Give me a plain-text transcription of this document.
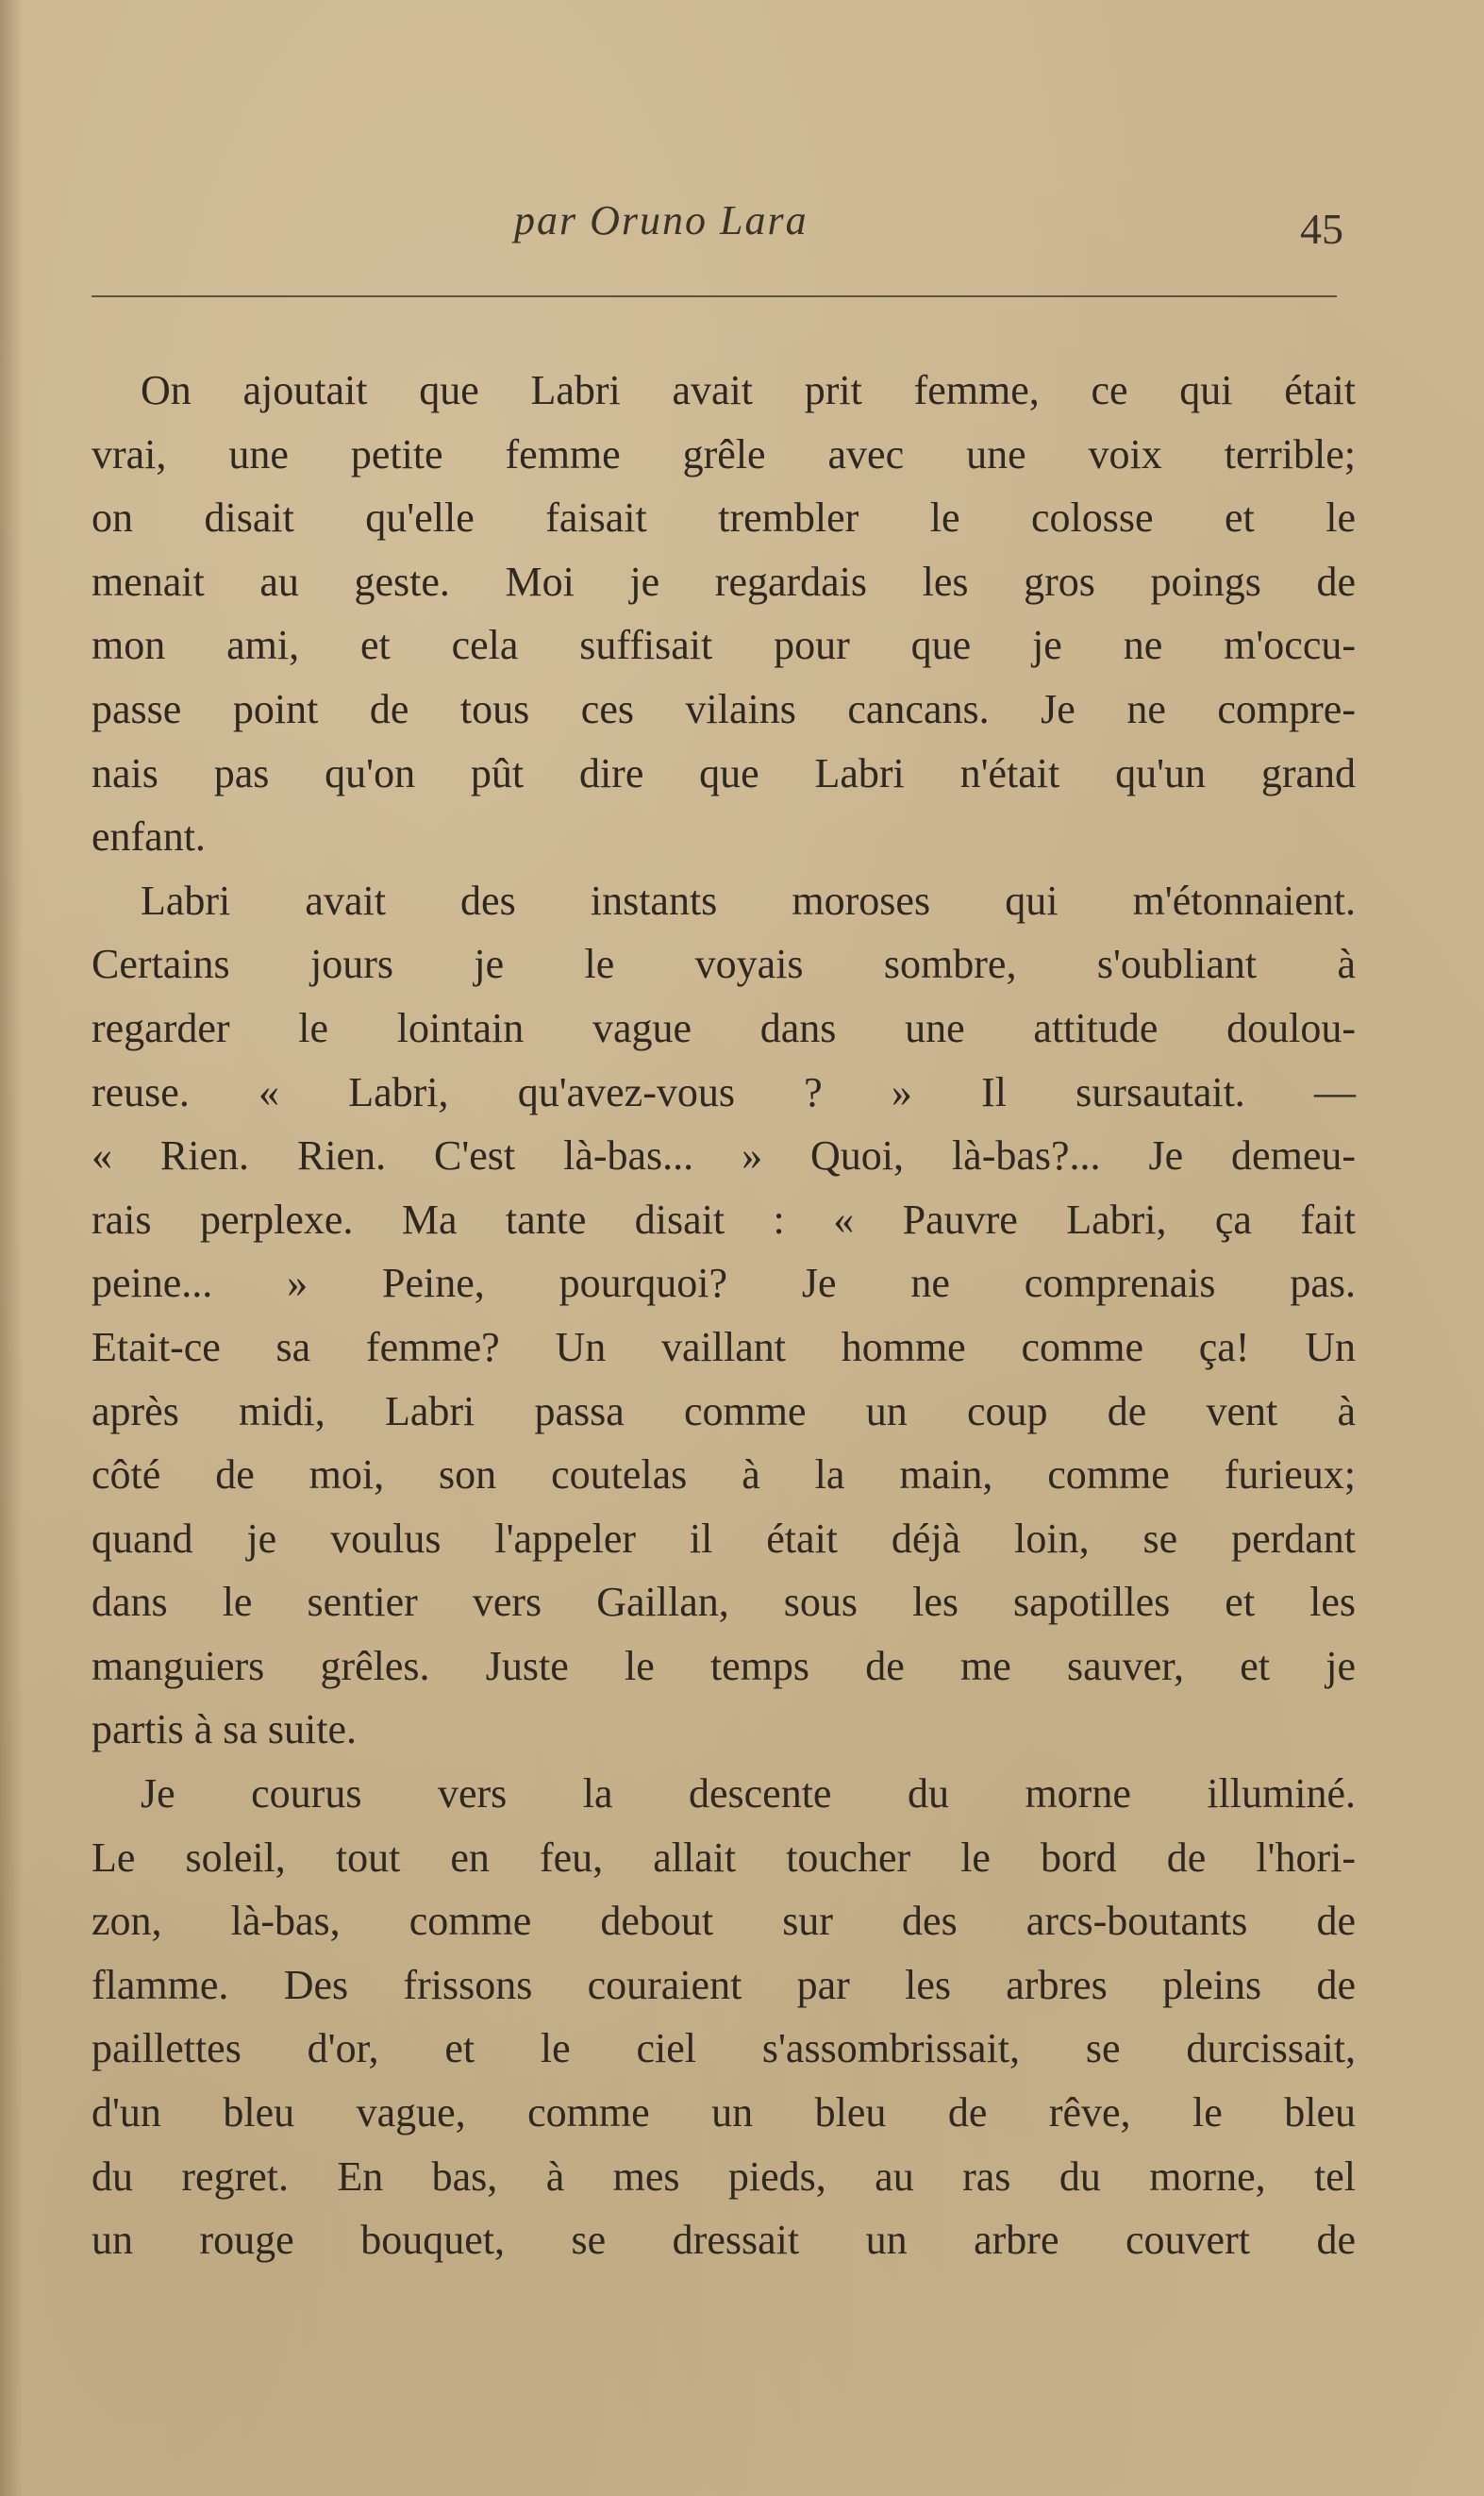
par Oruno Lara	45
On ajoutait que Labri avait prit femme, ce qui était
vrai, une petite femme grêle avec une voix terrible;
on disait qu'elle faisait trembler le colosse et le
menait au geste. Moi je regardais les gros poings de
mon ami, et cela suffisait pour que je ne m'occu-
passe point de tous ces vilains cancans. Je ne compre-
nais pas qu'on pût dire que Labri n'était qu'un grand
enfant.
Labri avait des instants moroses qui m'étonnaient.
Certains jours je le voyais sombre, s'oubliant à
regarder le lointain vague dans une attitude doulou-
reuse. « Labri, qu'avez-vous ? » Il sursautait. —
« Rien. Rien. C'est là-bas... » Quoi, là-bas?... Je demeu-
rais perplexe. Ma tante disait : « Pauvre Labri, ça fait
peine... » Peine, pourquoi? Je ne comprenais pas.
Etait-ce sa femme? Un vaillant homme comme ça! Un
après midi, Labri passa comme un coup de vent à
côté de moi, son coutelas à la main, comme furieux;
quand je voulus l'appeler il était déjà loin, se perdant
dans le sentier vers Gaillan, sous les sapotilles et les
manguiers grêles. Juste le temps de me sauver, et je
partis à sa suite.
Je courus vers la descente du morne illuminé.
Le soleil, tout en feu, allait toucher le bord de l'hori-
zon, là-bas, comme debout sur des arcs-boutants de
flamme. Des frissons couraient par les arbres pleins de
paillettes d'or, et le ciel s'assombrissait, se durcissait,
d'un bleu vague, comme un bleu de rêve, le bleu
du regret. En bas, à mes pieds, au ras du morne, tel
un rouge bouquet, se dressait un arbre couvert de
